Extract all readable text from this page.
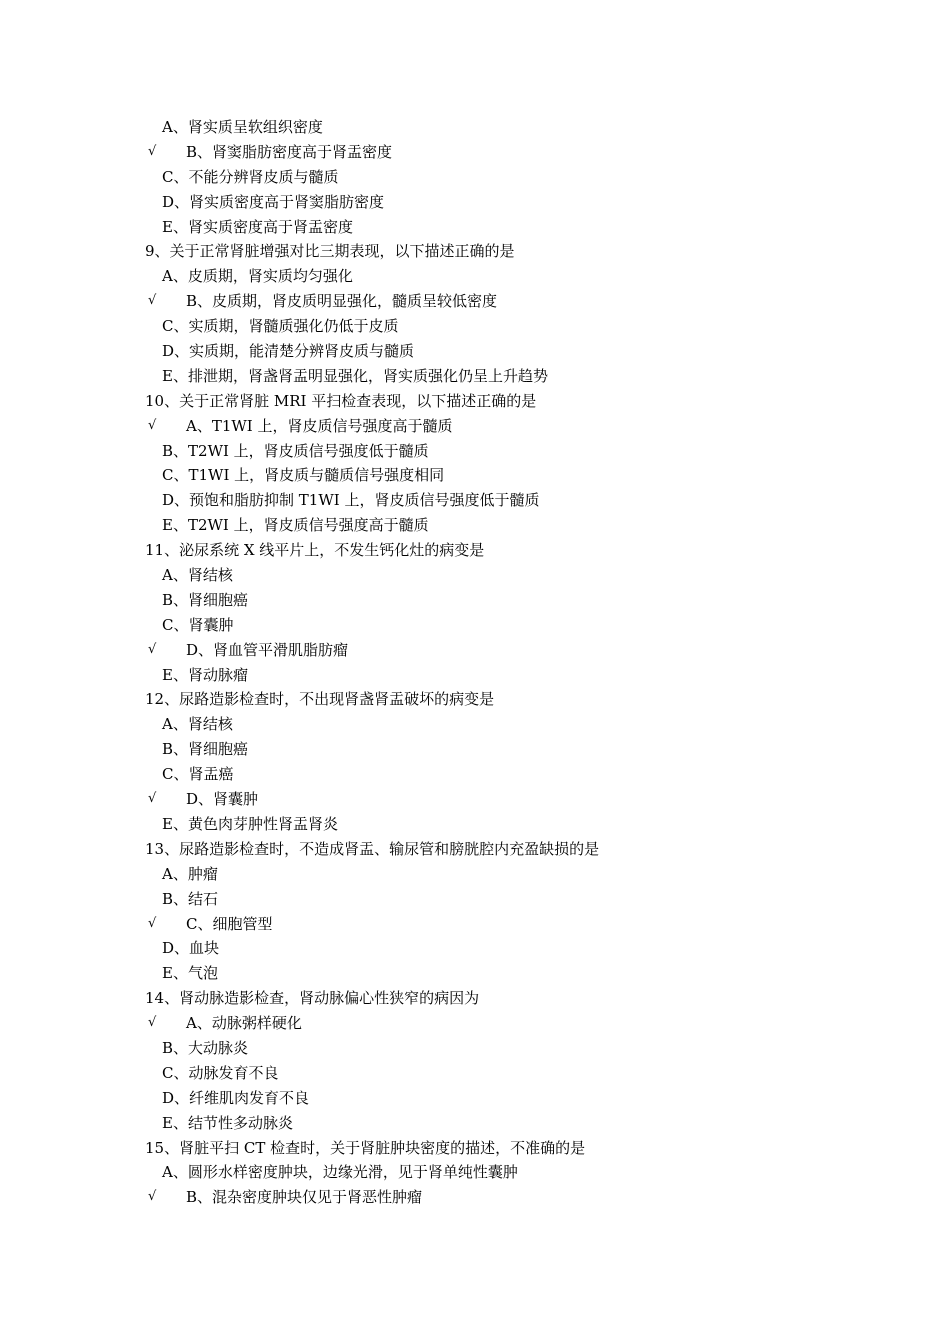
A、肾实质呈软组织密度
√ B、肾窦脂肪密度高于肾盂密度
C、不能分辨肾皮质与髓质
D、肾实质密度高于肾窦脂肪密度
E、肾实质密度高于肾盂密度
9、关于正常肾脏增强对比三期表现，以下描述正确的是
A、皮质期，肾实质均匀强化
√ B、皮质期，肾皮质明显强化，髓质呈较低密度
C、实质期，肾髓质强化仍低于皮质
D、实质期，能清楚分辨肾皮质与髓质
E、排泄期，肾盏肾盂明显强化，肾实质强化仍呈上升趋势
10、关于正常肾脏 MRI 平扫检查表现，以下描述正确的是
√ A、T1WI 上，肾皮质信号强度高于髓质
B、T2WI 上，肾皮质信号强度低于髓质
C、T1WI 上，肾皮质与髓质信号强度相同
D、预饱和脂肪抑制 T1WI 上，肾皮质信号强度低于髓质
E、T2WI 上，肾皮质信号强度高于髓质
11、泌尿系统 X 线平片上，不发生钙化灶的病变是
A、肾结核
B、肾细胞癌
C、肾囊肿
√ D、肾血管平滑肌脂肪瘤
E、肾动脉瘤
12、尿路造影检查时，不出现肾盏肾盂破坏的病变是
A、肾结核
B、肾细胞癌
C、肾盂癌
√ D、肾囊肿
E、黄色肉芽肿性肾盂肾炎
13、尿路造影检查时，不造成肾盂、输尿管和膀胱腔内充盈缺损的是
A、肿瘤
B、结石
√ C、细胞管型
D、血块
E、气泡
14、肾动脉造影检查，肾动脉偏心性狭窄的病因为
√ A、动脉粥样硬化
B、大动脉炎
C、动脉发育不良
D、纤维肌肉发育不良
E、结节性多动脉炎
15、肾脏平扫 CT 检查时，关于肾脏肿块密度的描述，不准确的是
A、圆形水样密度肿块，边缘光滑，见于肾单纯性囊肿
√ B、混杂密度肿块仅见于肾恶性肿瘤
